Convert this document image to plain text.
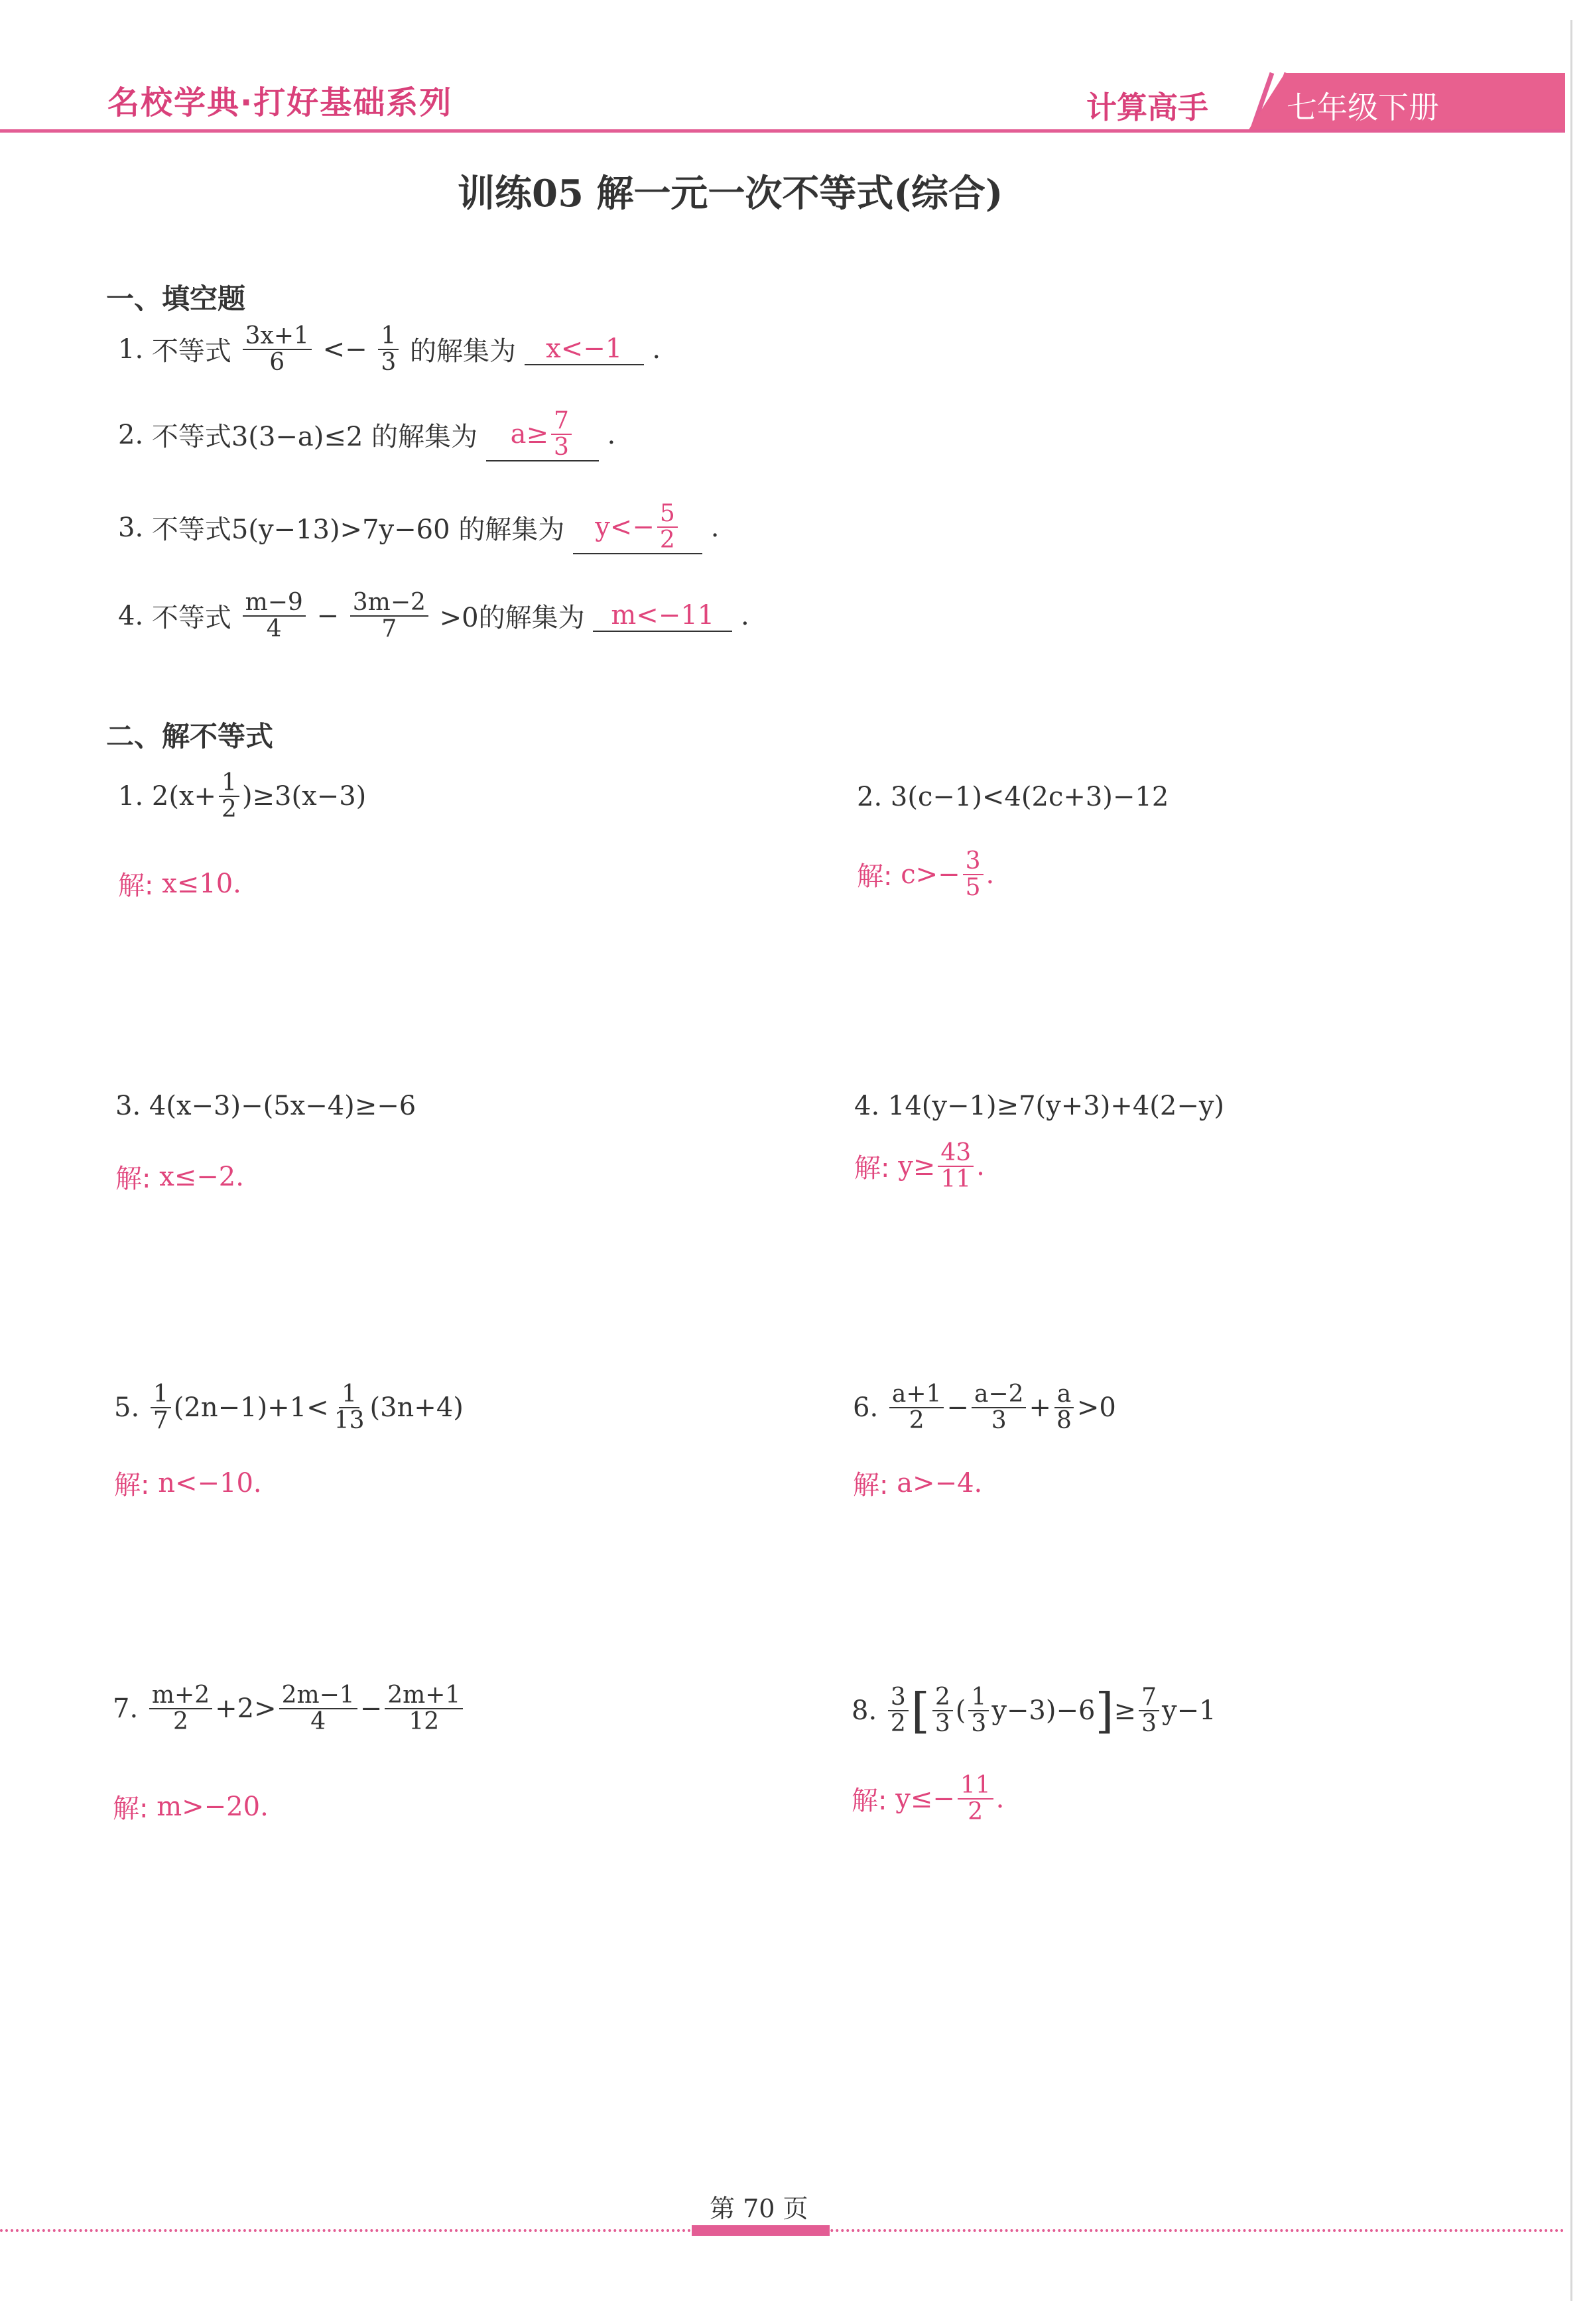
名校学典·打好基础系列	计算高手	七年级下册
训练05 解一元一次不等式(综合)
一、填空题
1. 不等式 $\frac{3x+1}{6} <- \frac{1}{3}$ 的解集为 x<−1 .
2. 不等式3(3−a)≤2 的解集为 $a\ge \frac{7}{3}$ .
3. 不等式5(y−13)>7y−60 的解集为 $y<- \frac{5}{2}$ .
4. 不等式 $\frac{m-9}{4} - \frac{3m-2}{7} >0$的解集为 m<−11 .
二、解不等式
1. $2(x+ \frac{1}{2} )\ge 3(x-3)$
解: x≤10.
2. 3(c−1)<4(2c+3)−12
解: $c>- \frac{3}{5}$ .
3. 4(x−3)−(5x−4)≥−6
解: x≤−2.
4. 14(y−1)≥7(y+3)+4(2−y)
解: $y\ge \frac{43}{11}$ .
5. $\frac{1}{7} (2n-1)+1< \frac{1}{13} (3n+4)$
解: n<−10.
6. $\frac{a+1}{2} - \frac{a-2}{3} + \frac{a}{8} >0$
解: a>−4.
7. $\frac{m+2}{2} +2> \frac{2m-1}{4} - \frac{2m+1}{12}$
解: m>−20.
8. $\frac{3}{2}$ [ $\frac{2}{3}$ ( $\frac{1}{3} y-3)-6]\ge \frac{7}{3} y-1$
解: $y\le- \frac{11}{2}$ .
第 70 页
